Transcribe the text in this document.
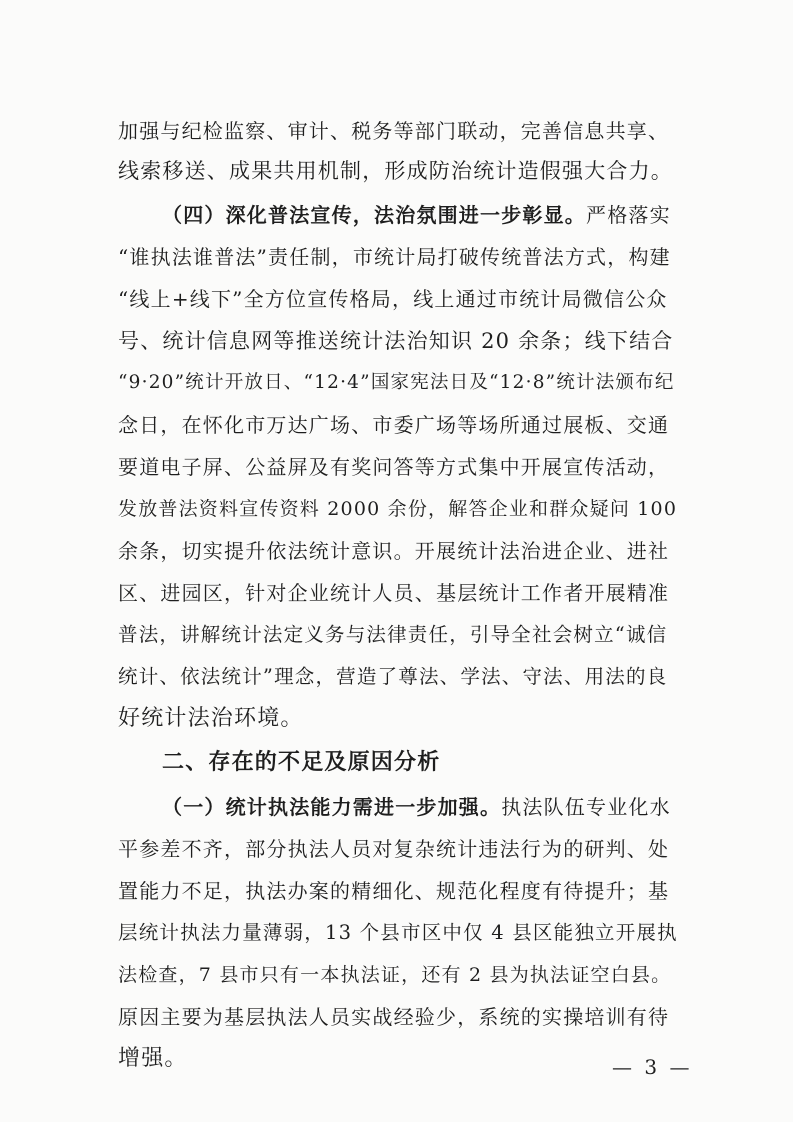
加强与纪检监察、审计、税务等部门联动，完善信息共享、
线索移送、成果共用机制，形成防治统计造假强大合力。
（四）深化普法宣传，法治氛围进一步彰显。严格落实
“谁执法谁普法”责任制，市统计局打破传统普法方式，构建
“线上+线下”全方位宣传格局，线上通过市统计局微信公众
号、统计信息网等推送统计法治知识 20 余条；线下结合
“9·20”统计开放日、“12·4”国家宪法日及“12·8”统计法颁布纪
念日，在怀化市万达广场、市委广场等场所通过展板、交通
要道电子屏、公益屏及有奖问答等方式集中开展宣传活动，
发放普法资料宣传资料 2000 余份，解答企业和群众疑问 100
余条，切实提升依法统计意识。开展统计法治进企业、进社
区、进园区，针对企业统计人员、基层统计工作者开展精准
普法，讲解统计法定义务与法律责任，引导全社会树立“诚信
统计、依法统计”理念，营造了尊法、学法、守法、用法的良
好统计法治环境。
二、存在的不足及原因分析
（一）统计执法能力需进一步加强。执法队伍专业化水
平参差不齐，部分执法人员对复杂统计违法行为的研判、处
置能力不足，执法办案的精细化、规范化程度有待提升；基
层统计执法力量薄弱，13 个县市区中仅 4 县区能独立开展执
法检查，7 县市只有一本执法证，还有 2 县为执法证空白县。
原因主要为基层执法人员实战经验少，系统的实操培训有待
增强。	— 3 —
